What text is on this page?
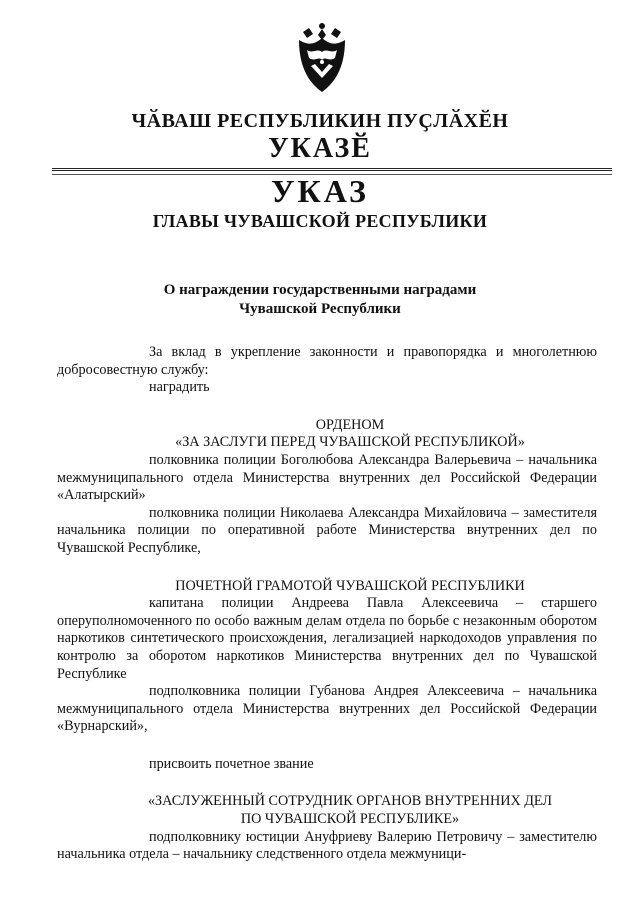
ЧӐВАШ РЕСПУБЛИКИН ПУҪЛӐХӖН
УКАЗӖ
УКАЗ
ГЛАВЫ ЧУВАШСКОЙ РЕСПУБЛИКИ
О награждении государственными наградами
Чувашской Республики

За вклад в укрепление законности и правопорядка и многолетнюю

добросовестную службу:

наградить

ОРДЕНОМ

«ЗА ЗАСЛУГИ ПЕРЕД ЧУВАШСКОЙ РЕСПУБЛИКОЙ»

полковника полиции Боголюбова Александра Валерьевича – начальника межмуниципального отдела Министерства внутренних дел Российской Федерации «Алатырский»

полковника полиции Николаева Александра Михайловича – заместителя начальника полиции по оперативной работе Министерства внутренних дел по Чувашской Республике,

ПОЧЕТНОЙ ГРАМОТОЙ ЧУВАШСКОЙ РЕСПУБЛИКИ

капитана полиции Андреева Павла Алексеевича – старшего оперуполномоченного по особо важным делам отдела по борьбе с незаконным оборотом наркотиков синтетического происхождения, легализацией наркодоходов управления по контролю за оборотом наркотиков Министерства внутренних дел по Чувашской Республике

подполковника полиции Губанова Андрея Алексеевича – начальника межмуниципального отдела Министерства внутренних дел Российской Федерации «Вурнарский»,

присвоить почетное звание

«ЗАСЛУЖЕННЫЙ СОТРУДНИК ОРГАНОВ ВНУТРЕННИХ ДЕЛ

ПО ЧУВАШСКОЙ РЕСПУБЛИКЕ»

подполковнику юстиции Ануфриеву Валерию Петровичу – заместителю начальника отдела – начальнику следственного отдела межмуници-
